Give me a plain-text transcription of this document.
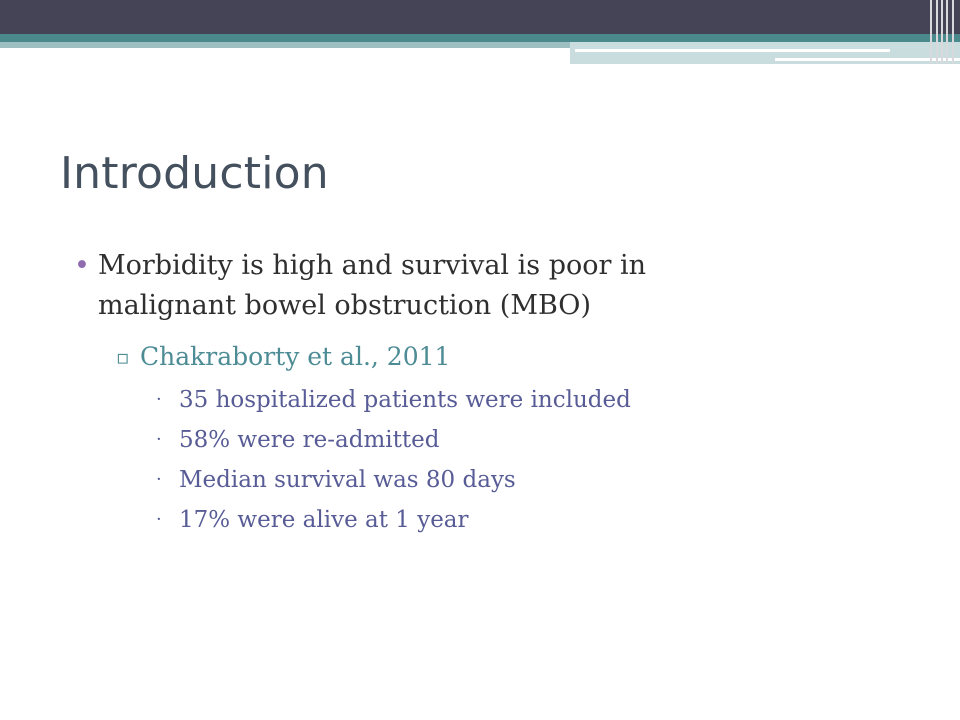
Introduction
• Morbidity is high and survival is poor in
malignant bowel obstruction (MBO)
▫ Chakraborty et al., 2011
· 35 hospitalized patients were included
· 58% were re-admitted
· Median survival was 80 days
· 17% were alive at 1 year
